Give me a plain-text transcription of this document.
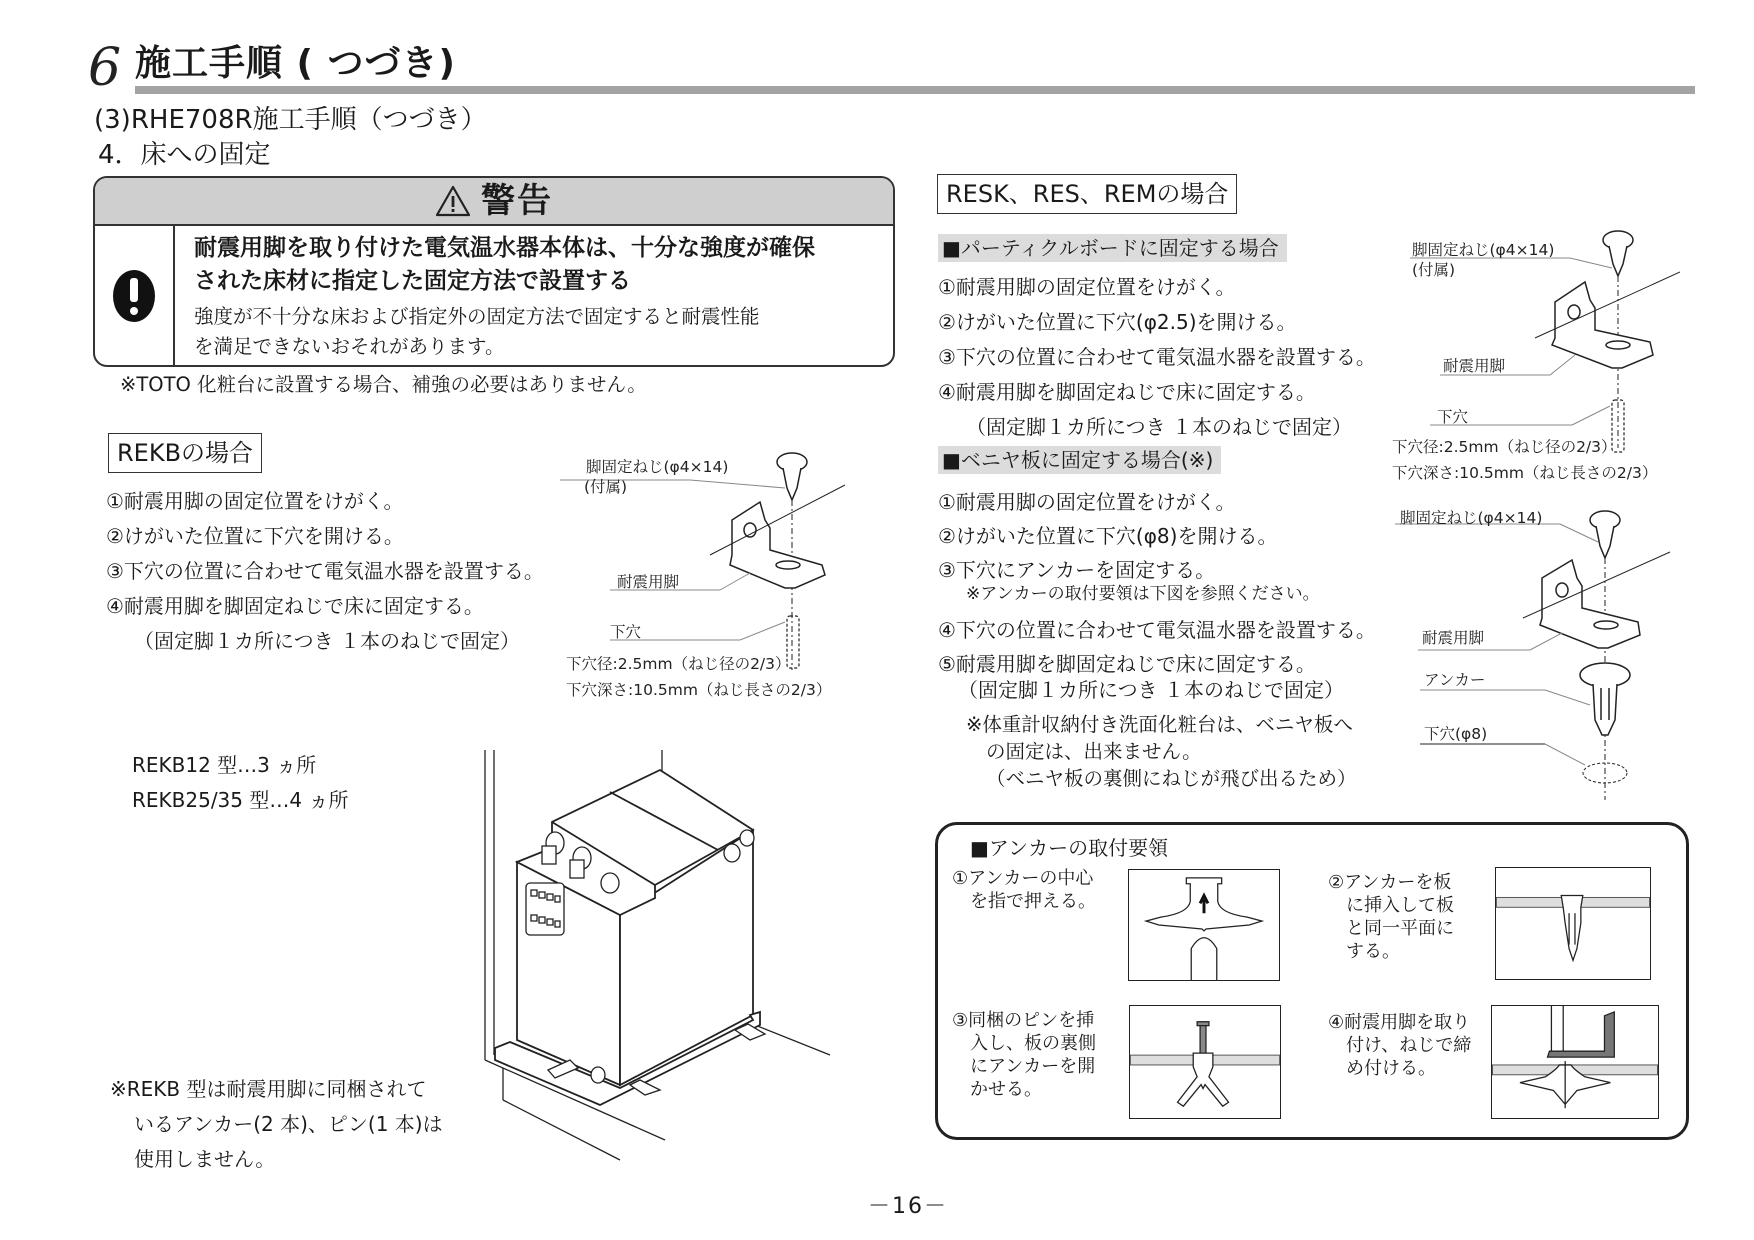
6 施工手順 ( つづき)
(3)RHE708R施工手順（つづき）
4．床への固定
警告
耐震用脚を取り付けた電気温水器本体は、十分な強度が確保
された床材に指定した固定方法で設置する
強度が不十分な床および指定外の固定方法で固定すると耐震性能
を満足できないおそれがあります。
※TOTO 化粧台に設置する場合、補強の必要はありません。
REKBの場合
①耐震用脚の固定位置をけがく。
②けがいた位置に下穴を開ける。
③下穴の位置に合わせて電気温水器を設置する。
④耐震用脚を脚固定ねじで床に固定する。
（固定脚１カ所につき １本のねじで固定）
脚固定ねじ(φ4×14)
(付属)
耐震用脚
下穴
下穴径:2.5mm（ねじ径の2/3）
下穴深さ:10.5mm（ねじ長さの2/3）
REKB12 型…3 ヵ所
REKB25/35 型…4 ヵ所
※REKB 型は耐震用脚に同梱されて
いるアンカー(2 本)、ピン(1 本)は
使用しません。
RESK、RES、REMの場合
■パーティクルボードに固定する場合
①耐震用脚の固定位置をけがく。
②けがいた位置に下穴(φ2.5)を開ける。
③下穴の位置に合わせて電気温水器を設置する。
④耐震用脚を脚固定ねじで床に固定する。
（固定脚１カ所につき １本のねじで固定）
脚固定ねじ(φ4×14)
(付属)
耐震用脚
下穴
下穴径:2.5mm（ねじ径の2/3）
下穴深さ:10.5mm（ねじ長さの2/3）
■ベニヤ板に固定する場合(※)
①耐震用脚の固定位置をけがく。
②けがいた位置に下穴(φ8)を開ける。
③下穴にアンカーを固定する。
※アンカーの取付要領は下図を参照ください。
④下穴の位置に合わせて電気温水器を設置する。
⑤耐震用脚を脚固定ねじで床に固定する。
（固定脚１カ所につき １本のねじで固定）
※体重計収納付き洗面化粧台は、ベニヤ板へ
の固定は、出来ません。
（ベニヤ板の裏側にねじが飛び出るため）
脚固定ねじ(φ4×14)
耐震用脚
アンカー
下穴(φ8)
■アンカーの取付要領
①アンカーの中心
　を指で押える。
②アンカーを板
　に挿入して板
　と同一平面に
　する。
③同梱のピンを挿
　入し、板の裏側
　にアンカーを開
　かせる。
④耐震用脚を取り
　付け、ねじで締
　め付ける。
－16－
